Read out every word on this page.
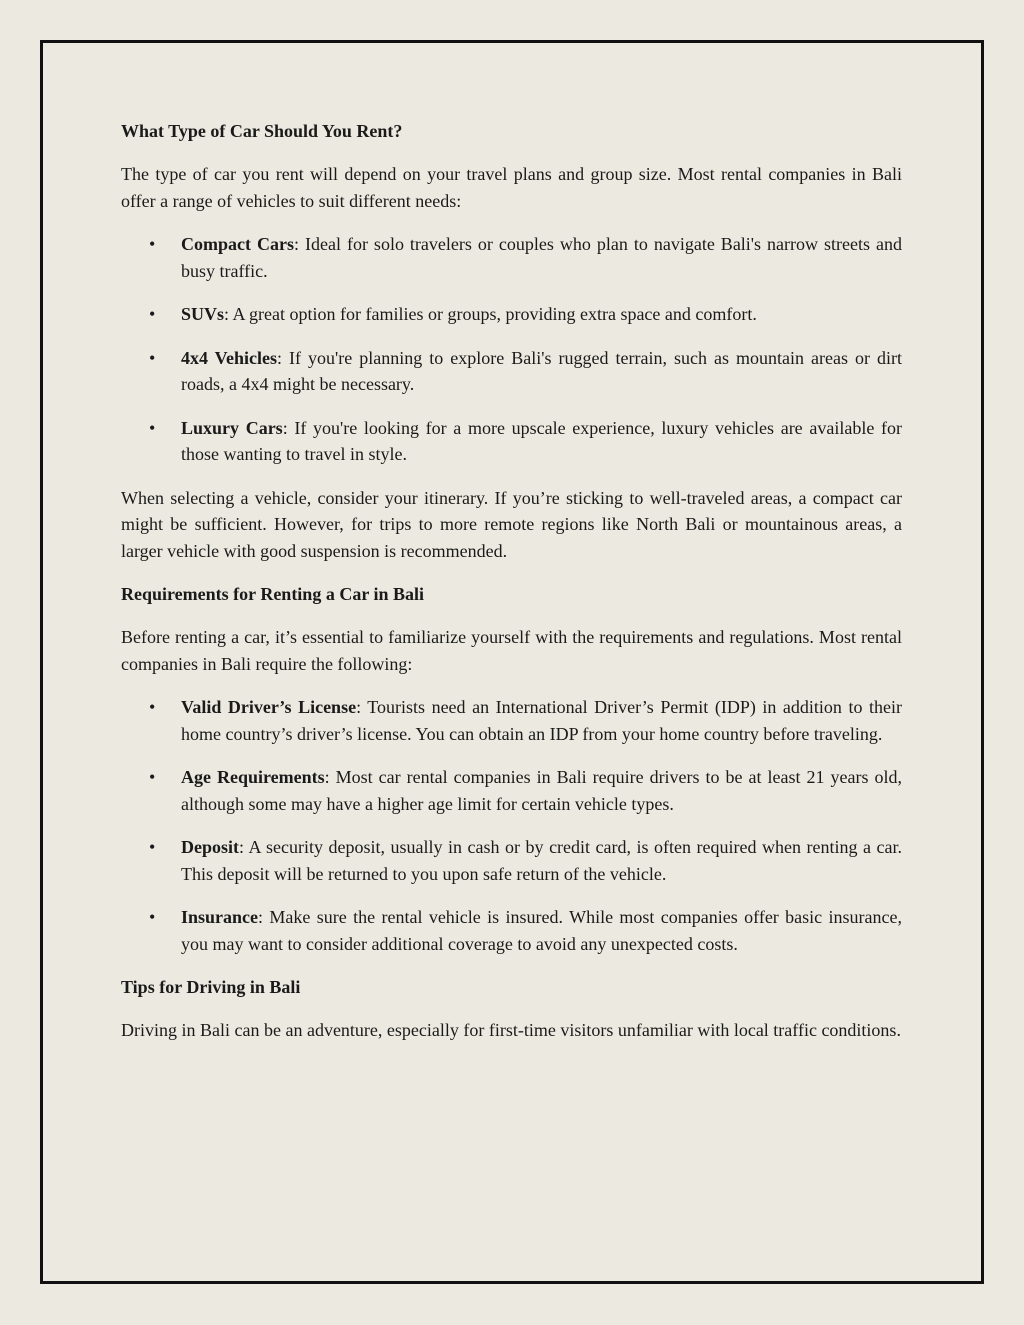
What Type of Car Should You Rent?

The type of car you rent will depend on your travel plans and group size. Most rental companies in Bali offer a range of vehicles to suit different needs:

• Compact Cars: Ideal for solo travelers or couples who plan to navigate Bali's narrow streets and busy traffic.
• SUVs: A great option for families or groups, providing extra space and comfort.
• 4x4 Vehicles: If you're planning to explore Bali's rugged terrain, such as mountain areas or dirt roads, a 4x4 might be necessary.
• Luxury Cars: If you're looking for a more upscale experience, luxury vehicles are available for those wanting to travel in style.

When selecting a vehicle, consider your itinerary. If you’re sticking to well-traveled areas, a compact car might be sufficient. However, for trips to more remote regions like North Bali or mountainous areas, a larger vehicle with good suspension is recommended.

Requirements for Renting a Car in Bali

Before renting a car, it’s essential to familiarize yourself with the requirements and regulations. Most rental companies in Bali require the following:

• Valid Driver’s License: Tourists need an International Driver’s Permit (IDP) in addition to their home country’s driver’s license. You can obtain an IDP from your home country before traveling.
• Age Requirements: Most car rental companies in Bali require drivers to be at least 21 years old, although some may have a higher age limit for certain vehicle types.
• Deposit: A security deposit, usually in cash or by credit card, is often required when renting a car. This deposit will be returned to you upon safe return of the vehicle.
• Insurance: Make sure the rental vehicle is insured. While most companies offer basic insurance, you may want to consider additional coverage to avoid any unexpected costs.
Tips for Driving in Bali

Driving in Bali can be an adventure, especially for first-time visitors unfamiliar with local traffic conditions.
